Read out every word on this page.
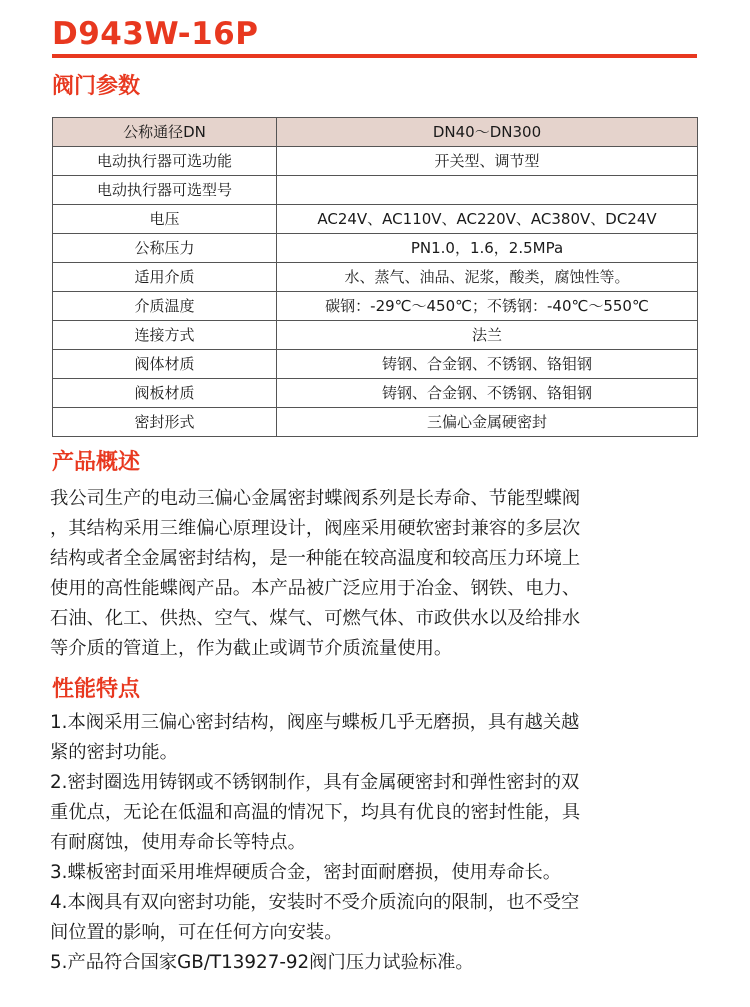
D943W-16P
阀门参数
公称通径DN	DN40～DN300
电动执行器可选功能	开关型、调节型
电动执行器可选型号	
电压	AC24V、AC110V、AC220V、AC380V、DC24V
公称压力	PN1.0，1.6，2.5MPa
适用介质	水、蒸气、油品、泥浆，酸类，腐蚀性等。
介质温度	碳钢：-29℃～450℃；不锈钢：-40℃～550℃
连接方式	法兰
阀体材质	铸钢、合金钢、不锈钢、铬钼钢
阀板材质	铸钢、合金钢、不锈钢、铬钼钢
密封形式	三偏心金属硬密封
产品概述
我公司生产的电动三偏心金属密封蝶阀系列是长寿命、节能型蝶阀
，其结构采用三维偏心原理设计，阀座采用硬软密封兼容的多层次
结构或者全金属密封结构，是一种能在较高温度和较高压力环境上
使用的高性能蝶阀产品。本产品被广泛应用于冶金、钢铁、电力、
石油、化工、供热、空气、煤气、可燃气体、市政供水以及给排水
等介质的管道上，作为截止或调节介质流量使用。
性能特点
1.本阀采用三偏心密封结构，阀座与蝶板几乎无磨损，具有越关越
紧的密封功能。
2.密封圈选用铸钢或不锈钢制作，具有金属硬密封和弹性密封的双
重优点，无论在低温和高温的情况下，均具有优良的密封性能，具
有耐腐蚀，使用寿命长等特点。
3.蝶板密封面采用堆焊硬质合金，密封面耐磨损，使用寿命长。
4.本阀具有双向密封功能，安装时不受介质流向的限制，也不受空
间位置的影响，可在任何方向安装。
5.产品符合国家GB/T13927-92阀门压力试验标准。
